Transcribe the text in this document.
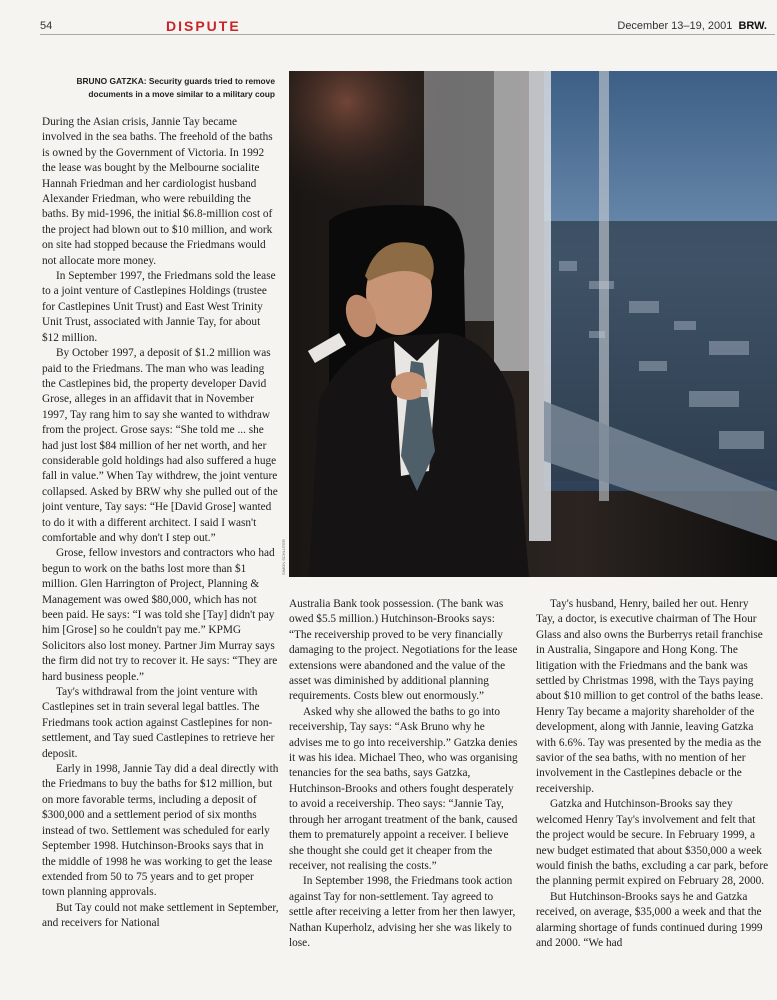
54	DISPUTE	December 13–19, 2001 BRW.
BRUNO GATZKA: Security guards tried to remove documents in a move similar to a military coup

During the Asian crisis, Jannie Tay became involved in the sea baths. The freehold of the baths is owned by the Government of Victoria. In 1992 the lease was bought by the Melbourne socialite Hannah Friedman and her cardiologist husband Alexander Friedman, who were rebuilding the baths. By mid-1996, the initial $6.8-million cost of the project had blown out to $10 million, and work on site had stopped because the Friedmans would not allocate more money.

In September 1997, the Friedmans sold the lease to a joint venture of Castlepines Holdings (trustee for Castlepines Unit Trust) and East West Trinity Unit Trust, associated with Jannie Tay, for about $12 million.

By October 1997, a deposit of $1.2 million was paid to the Friedmans. The man who was leading the Castlepines bid, the property developer David Grose, alleges in an affidavit that in November 1997, Tay rang him to say she wanted to withdraw from the project. Grose says: “She told me ... she had just lost $84 million of her net worth, and her considerable gold holdings had also suffered a huge fall in value.” When Tay withdrew, the joint venture collapsed. Asked by BRW why she pulled out of the joint venture, Tay says: “He [David Grose] wanted to do it with a different architect. I said I wasn't comfortable and why don't I step out.”

Grose, fellow investors and contractors who had begun to work on the baths lost more than $1 million. Glen Harrington of Project, Planning & Management was owed $80,000, which has not been paid. He says: “I was told she [Tay] didn't pay him [Grose] so he couldn't pay me.” KPMG Solicitors also lost money. Partner Jim Murray says the firm did not try to recover it. He says: “They are hard business people.”

Tay's withdrawal from the joint venture with Castlepines set in train several legal battles. The Friedmans took action against Castlepines for non-settlement, and Tay sued Castlepines to retrieve her deposit.

Early in 1998, Jannie Tay did a deal directly with the Friedmans to buy the baths for $12 million, but on more favorable terms, including a deposit of $300,000 and a settlement period of six months instead of two. Settlement was scheduled for early September 1998. Hutchinson-Brooks says that in the middle of 1998 he was working to get the lease extended from 50 to 75 years and to get proper town planning approvals.

But Tay could not make settlement in September, and receivers for National

SIMON SCHLUTER

Australia Bank took possession. (The bank was owed $5.5 million.) Hutchinson-Brooks says: “The receivership proved to be very financially damaging to the project. Negotiations for the lease extensions were abandoned and the value of the asset was diminished by additional planning requirements. Costs blew out enormously.”

Asked why she allowed the baths to go into receivership, Tay says: “Ask Bruno why he advises me to go into receivership.” Gatzka denies it was his idea. Michael Theo, who was organising tenancies for the sea baths, says Gatzka, Hutchinson-Brooks and others fought desperately to avoid a receivership. Theo says: “Jannie Tay, through her arrogant treatment of the bank, caused them to prematurely appoint a receiver. I believe she thought she could get it cheaper from the receiver, not realising the costs.”

In September 1998, the Friedmans took action against Tay for non-settlement. Tay agreed to settle after receiving a letter from her then lawyer, Nathan Kuperholz, advising her she was likely to lose.

Tay's husband, Henry, bailed her out. Henry Tay, a doctor, is executive chairman of The Hour Glass and also owns the Burberrys retail franchise in Australia, Singapore and Hong Kong. The litigation with the Friedmans and the bank was settled by Christmas 1998, with the Tays paying about $10 million to get control of the baths lease. Henry Tay became a majority shareholder of the development, along with Jannie, leaving Gatzka with 6.6%. Tay was presented by the media as the savior of the sea baths, with no mention of her involvement in the Castlepines debacle or the receivership.

Gatzka and Hutchinson-Brooks say they welcomed Henry Tay's involvement and felt that the project would be secure. In February 1999, a new budget estimated that about $350,000 a week would finish the baths, excluding a car park, before the planning permit expired on February 28, 2000.

But Hutchinson-Brooks says he and Gatzka received, on average, $35,000 a week and that the alarming shortage of funds continued during 1999 and 2000. “We had
